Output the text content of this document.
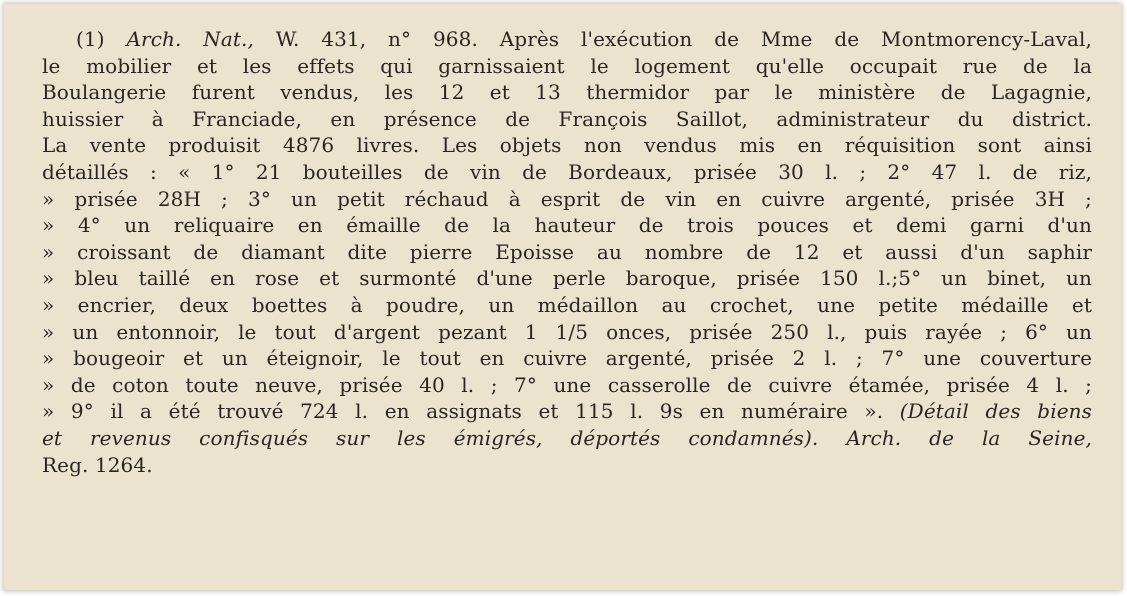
(1) Arch. Nat., W. 431, n° 968. Après l'exécution de Mme de Montmorency-Laval,
le mobilier et les effets qui garnissaient le logement qu'elle occupait rue de la
Boulangerie furent vendus, les 12 et 13 thermidor par le ministère de Lagagnie,
huissier à Franciade, en présence de François Saillot, administrateur du district.
La vente produisit 4876 livres. Les objets non vendus mis en réquisition sont ainsi
détaillés : « 1° 21 bouteilles de vin de Bordeaux, prisée 30 l. ; 2° 47 l. de riz,
» prisée 28H ; 3° un petit réchaud à esprit de vin en cuivre argenté, prisée 3H ;
» 4° un reliquaire en émaille de la hauteur de trois pouces et demi garni d'un
» croissant de diamant dite pierre Epoisse au nombre de 12 et aussi d'un saphir
» bleu taillé en rose et surmonté d'une perle baroque, prisée 150 l.;5° un binet, un
» encrier, deux boettes à poudre, un médaillon au crochet, une petite médaille et
» un entonnoir, le tout d'argent pezant 1 1/5 onces, prisée 250 l., puis rayée ; 6° un
» bougeoir et un éteignoir, le tout en cuivre argenté, prisée 2 l. ; 7° une couverture
» de coton toute neuve, prisée 40 l. ; 7° une casserolle de cuivre étamée, prisée 4 l. ;
» 9° il a été trouvé 724 l. en assignats et 115 l. 9s en numéraire ». (Détail des biens
et revenus confisqués sur les émigrés, déportés condamnés). Arch. de la Seine,
Reg. 1264.
